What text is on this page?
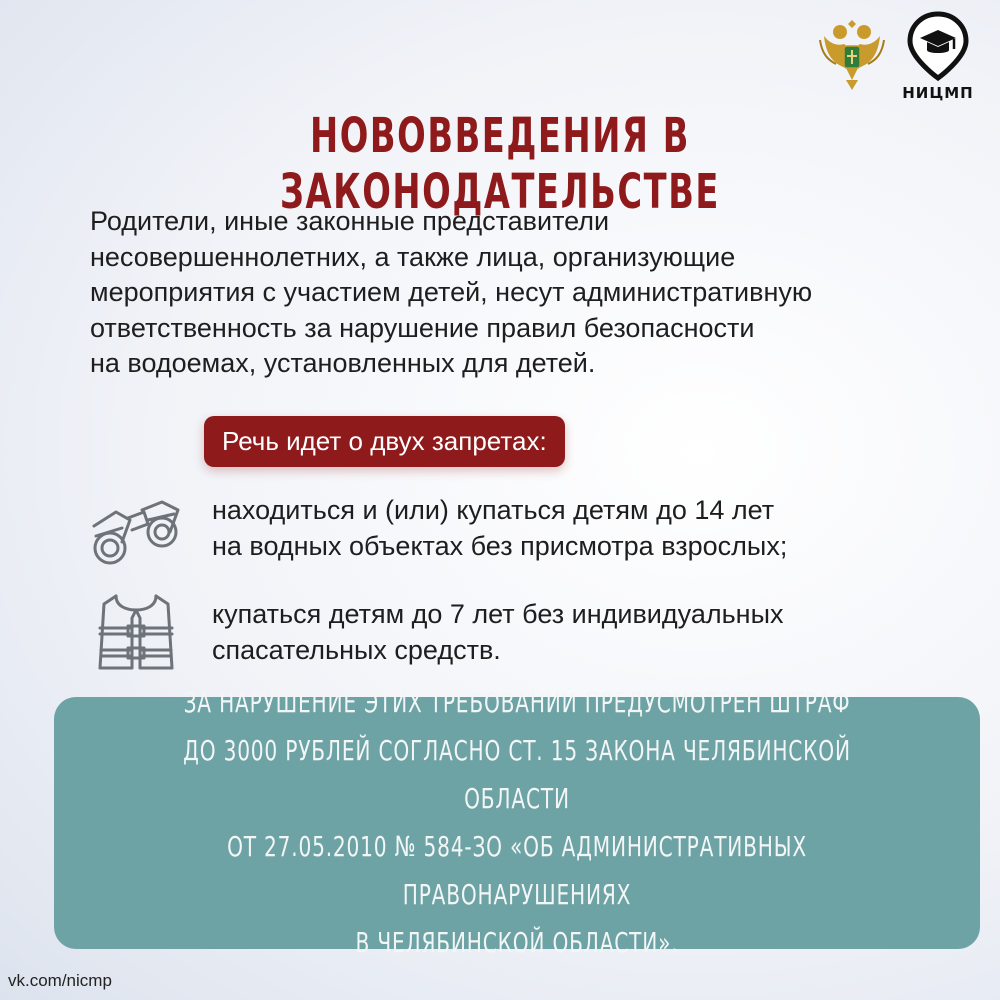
НИЦМП
НОВОВВЕДЕНИЯ В ЗАКОНОДАТЕЛЬСТВЕ
Родители, иные законные представители
несовершеннолетних, а также лица, организующие
мероприятия с участием детей, несут административную
ответственность за нарушение правил безопасности
на водоемах, установленных для детей.
Речь идет о двух запретах:
находиться и (или) купаться детям до 14 лет
на водных объектах без присмотра взрослых;
купаться детям до 7 лет без индивидуальных
спасательных средств.
ЗА НАРУШЕНИЕ ЭТИХ ТРЕБОВАНИЙ ПРЕДУСМОТРЕН ШТРАФ
ДО 3000 РУБЛЕЙ СОГЛАСНО СТ. 15 ЗАКОНА ЧЕЛЯБИНСКОЙ ОБЛАСТИ
ОТ 27.05.2010 № 584-ЗО «ОБ АДМИНИСТРАТИВНЫХ ПРАВОНАРУШЕНИЯХ
В ЧЕЛЯБИНСКОЙ ОБЛАСТИ».
vk.com/nicmp
